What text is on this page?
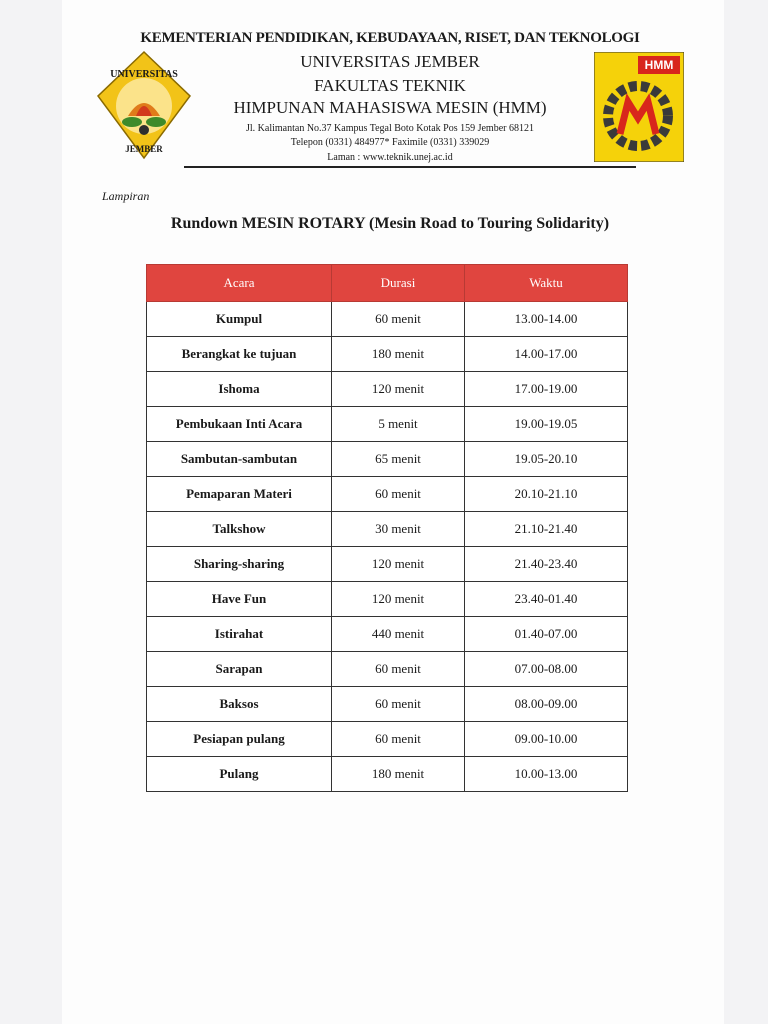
UNIVERSITAS
JEMBER
KEMENTERIAN PENDIDIKAN, KEBUDAYAAN, RISET, DAN TEKNOLOGI
UNIVERSITAS JEMBER
FAKULTAS TEKNIK
HIMPUNAN MAHASISWA MESIN (HMM)
Jl. Kalimantan No.37 Kampus Tegal Boto Kotak Pos 159 Jember 68121
Telepon (0331) 484977* Faximile (0331) 339029
Laman : www.teknik.unej.ac.id
HMM
Lampiran
Rundown MESIN ROTARY (Mesin Road to Touring Solidarity)
Acara	Durasi	Waktu
Kumpul	60 menit	13.00-14.00
Berangkat ke tujuan	180 menit	14.00-17.00
Ishoma	120 menit	17.00-19.00
Pembukaan Inti Acara	5 menit	19.00-19.05
Sambutan-sambutan	65 menit	19.05-20.10
Pemaparan Materi	60 menit	20.10-21.10
Talkshow	30 menit	21.10-21.40
Sharing-sharing	120 menit	21.40-23.40
Have Fun	120 menit	23.40-01.40
Istirahat	440 menit	01.40-07.00
Sarapan	60 menit	07.00-08.00
Baksos	60 menit	08.00-09.00
Pesiapan pulang	60 menit	09.00-10.00
Pulang	180 menit	10.00-13.00
